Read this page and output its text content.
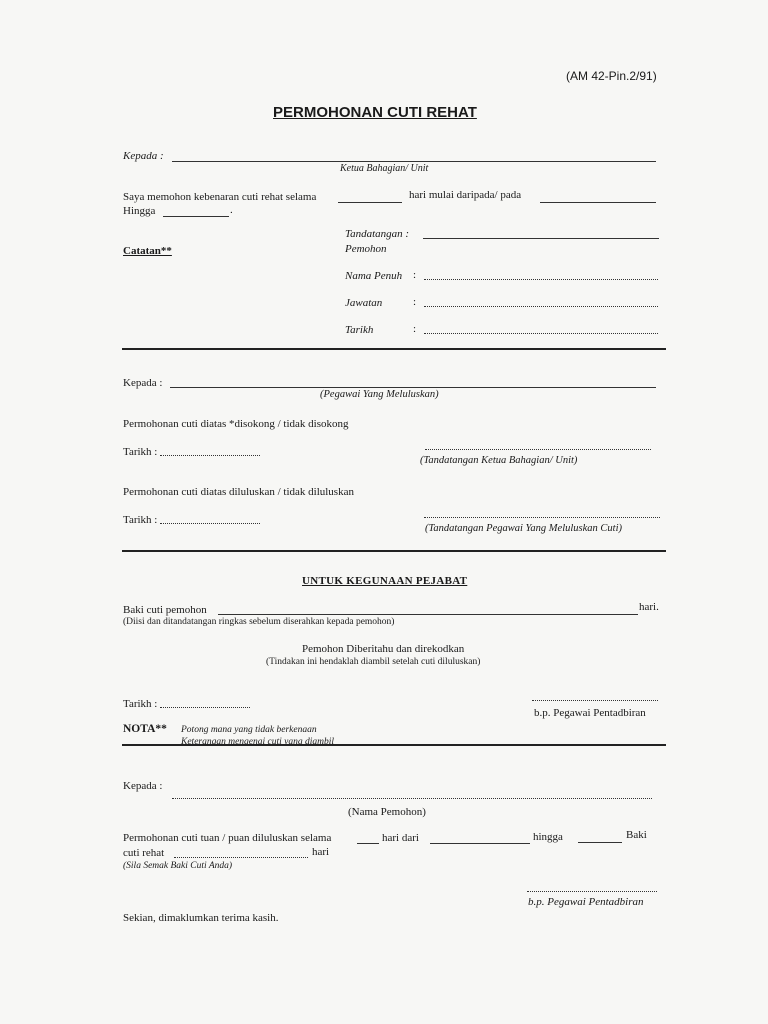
(AM 42-Pin.2/91)
PERMOHONAN CUTI REHAT
Kepada :
Ketua Bahagian/ Unit
Saya memohon kebenaran cuti rehat selama	hari mulai daripada/ pada
Hingga	.
Catatan**
Tandatangan :
Pemohon
Nama Penuh :
Jawatan	:
Tarikh	:
Kepada :
(Pegawai Yang Meluluskan)
Permohonan cuti diatas *disokong / tidak disokong
Tarikh :
(Tandatangan Ketua Bahagian/ Unit)
Permohonan cuti diatas diluluskan / tidak diluluskan
Tarikh :
(Tandatangan Pegawai Yang Meluluskan Cuti)
UNTUK KEGUNAAN PEJABAT
Baki cuti pemohon	hari.
(Diisi dan ditandatangan ringkas sebelum diserahkan kepada pemohon)
Pemohon Diberitahu dan direkodkan
(Tindakan ini hendaklah diambil setelah cuti diluluskan)
Tarikh :
b.p. Pegawai Pentadbiran
NOTA** Potong mana yang tidak berkenaan
Keterangan mengenai cuti yang diambil
Kepada :
(Nama Pemohon)
Permohonan cuti tuan / puan diluluskan selama	hari dari	hingga	Baki
cuti rehat	hari
(Sila Semak Baki Cuti Anda)
b.p. Pegawai Pentadbiran
Sekian, dimaklumkan terima kasih.
